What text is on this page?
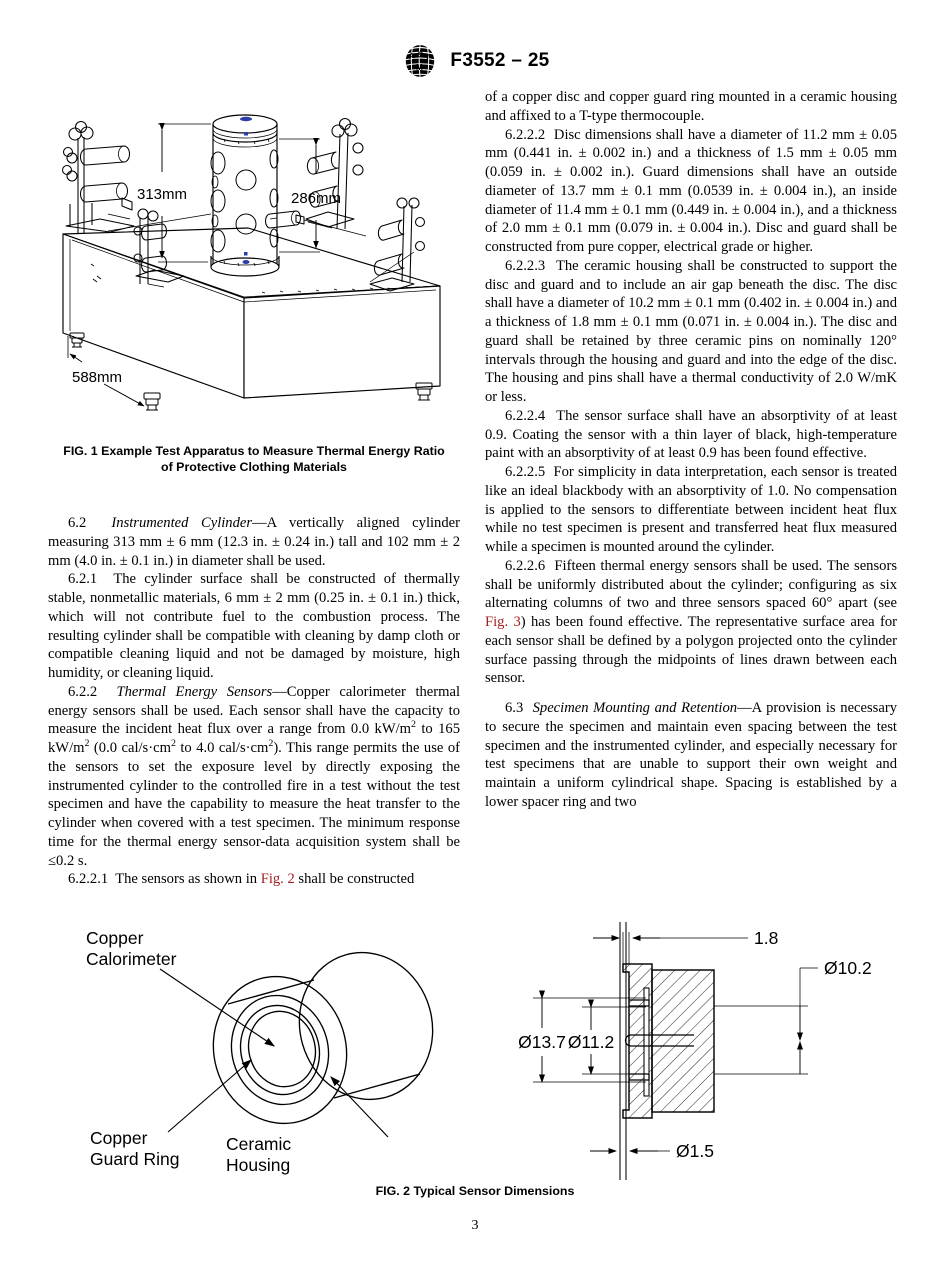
A S T
M F3552 – 25
313mm	286mm
588mm
FIG. 1 Example Test Apparatus to Measure Thermal Energy Ratio
of Protective Clothing Materials

6.2 Instrumented Cylinder—A vertically aligned cylinder measuring 313 mm ± 6 mm (12.3 in. ± 0.24 in.) tall and 102 mm ± 2 mm (4.0 in. ± 0.1 in.) in diameter shall be used.

6.2.1 The cylinder surface shall be constructed of thermally stable, nonmetallic materials, 6 mm ± 2 mm (0.25 in. ± 0.1 in.) thick, which will not contribute fuel to the combustion process. The resulting cylinder shall be compatible with cleaning by damp cloth or compatible cleaning liquid and not be damaged by moisture, high humidity, or cleaning liquid.

6.2.2 Thermal Energy Sensors—Copper calorimeter thermal energy sensors shall be used. Each sensor shall have the capacity to measure the incident heat flux over a range from 0.0 $kW/m^2$ to 165 $kW/m^2$ (0.0 cal/$s\cdot cm^2$ to 4.0 cal/$s\cdot cm^2$). This range permits the use of the sensors to set the exposure level by directly exposing the instrumented cylinder to the controlled fire in a test without the test specimen and have the capability to measure the heat transfer to the cylinder when covered with a test specimen. The minimum response time for the thermal energy sensor-data acquisition system shall be ≤0.2 s.

6.2.2.1 The sensors as shown in Fig. 2 shall be constructed

of a copper disc and copper guard ring mounted in a ceramic housing and affixed to a T-type thermocouple.

6.2.2.2 Disc dimensions shall have a diameter of 11.2 mm ± 0.05 mm (0.441 in. ± 0.002 in.) and a thickness of 1.5 mm ± 0.05 mm (0.059 in. ± 0.002 in.). Guard dimensions shall have an outside diameter of 13.7 mm ± 0.1 mm (0.0539 in. ± 0.004 in.), an inside diameter of 11.4 mm ± 0.1 mm (0.449 in. ± 0.004 in.), and a thickness of 2.0 mm ± 0.1 mm (0.079 in. ± 0.004 in.). Disc and guard shall be constructed from pure copper, electrical grade or higher.

6.2.2.3 The ceramic housing shall be constructed to support the disc and guard and to include an air gap beneath the disc. The disc shall have a diameter of 10.2 mm ± 0.1 mm (0.402 in. ± 0.004 in.) and a thickness of 1.8 mm ± 0.1 mm (0.071 in. ± 0.004 in.). The disc and guard shall be retained by three ceramic pins on nominally 120° intervals through the housing and guard and into the edge of the disc. The housing and pins shall have a thermal conductivity of 2.0 W/mK or less.

6.2.2.4 The sensor surface shall have an absorptivity of at least 0.9. Coating the sensor with a thin layer of black, high-temperature paint with an absorptivity of at least 0.9 has been found effective.

6.2.2.5 For simplicity in data interpretation, each sensor is treated like an ideal blackbody with an absorptivity of 1.0. No compensation is applied to the sensors to differentiate between incident heat flux while no test specimen is present and transferred heat flux measured while a specimen is mounted around the cylinder.

6.2.2.6 Fifteen thermal energy sensors shall be used. The sensors shall be uniformly distributed about the cylinder; configuring as six alternating columns of two and three sensors spaced 60° apart (see Fig. 3) has been found effective. The representative surface area for each sensor shall be defined by a polygon projected onto the cylinder surface passing through the midpoints of lines drawn between each sensor.

6.3 Specimen Mounting and Retention—A provision is necessary to secure the specimen and maintain even spacing between the test specimen and the instrumented cylinder, and especially necessary for test specimens that are unable to support their own weight and maintain a uniform cylindrical shape. Spacing is established by a lower spacer ring and two

Copper
Calorimeter
Copper
Guard Ring
Ceramic
Housing
1.8
Ø10.2
Ø13.7 Ø11.2
Ø1.5
FIG. 2 Typical Sensor Dimensions
3
